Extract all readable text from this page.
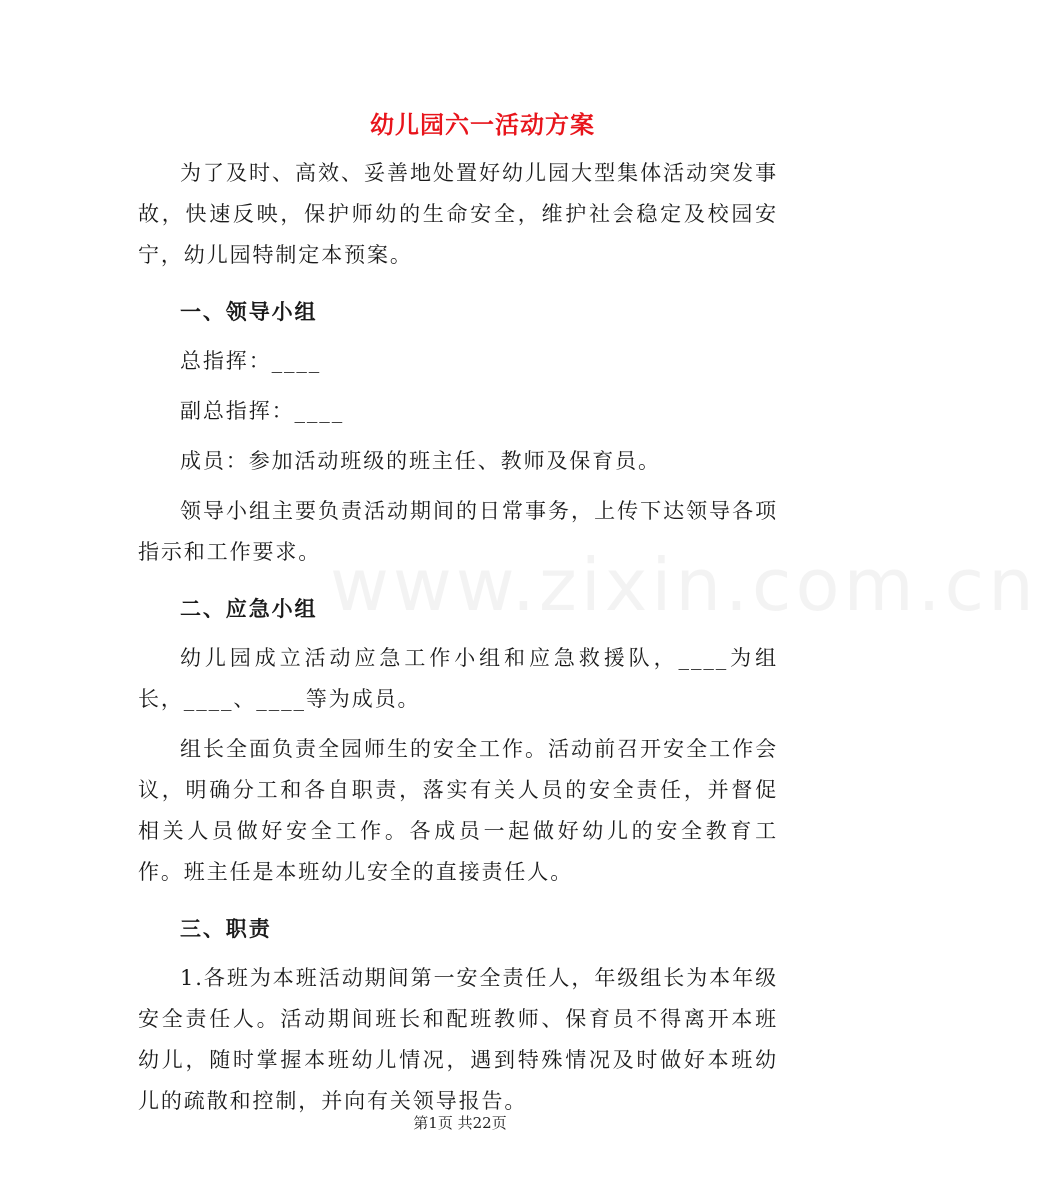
www.zixin.com.cn
幼儿园六一活动方案

为了及时、高效、妥善地处置好幼儿园大型集体活动突发事故，快速反映，保护师幼的生命安全，维护社会稳定及校园安宁，幼儿园特制定本预案。

一、领导小组

总指挥：____

副总指挥：____

成员：参加活动班级的班主任、教师及保育员。

领导小组主要负责活动期间的日常事务，上传下达领导各项指示和工作要求。

二、应急小组

幼儿园成立活动应急工作小组和应急救援队，____为组长，____、____等为成员。

组长全面负责全园师生的安全工作。活动前召开安全工作会议，明确分工和各自职责，落实有关人员的安全责任，并督促相关人员做好安全工作。各成员一起做好幼儿的安全教育工作。班主任是本班幼儿安全的直接责任人。

三、职责

1.各班为本班活动期间第一安全责任人，年级组长为本年级安全责任人。活动期间班长和配班教师、保育员不得离开本班幼儿，随时掌握本班幼儿情况，遇到特殊情况及时做好本班幼儿的疏散和控制，并向有关领导报告。

第1页 共22页
